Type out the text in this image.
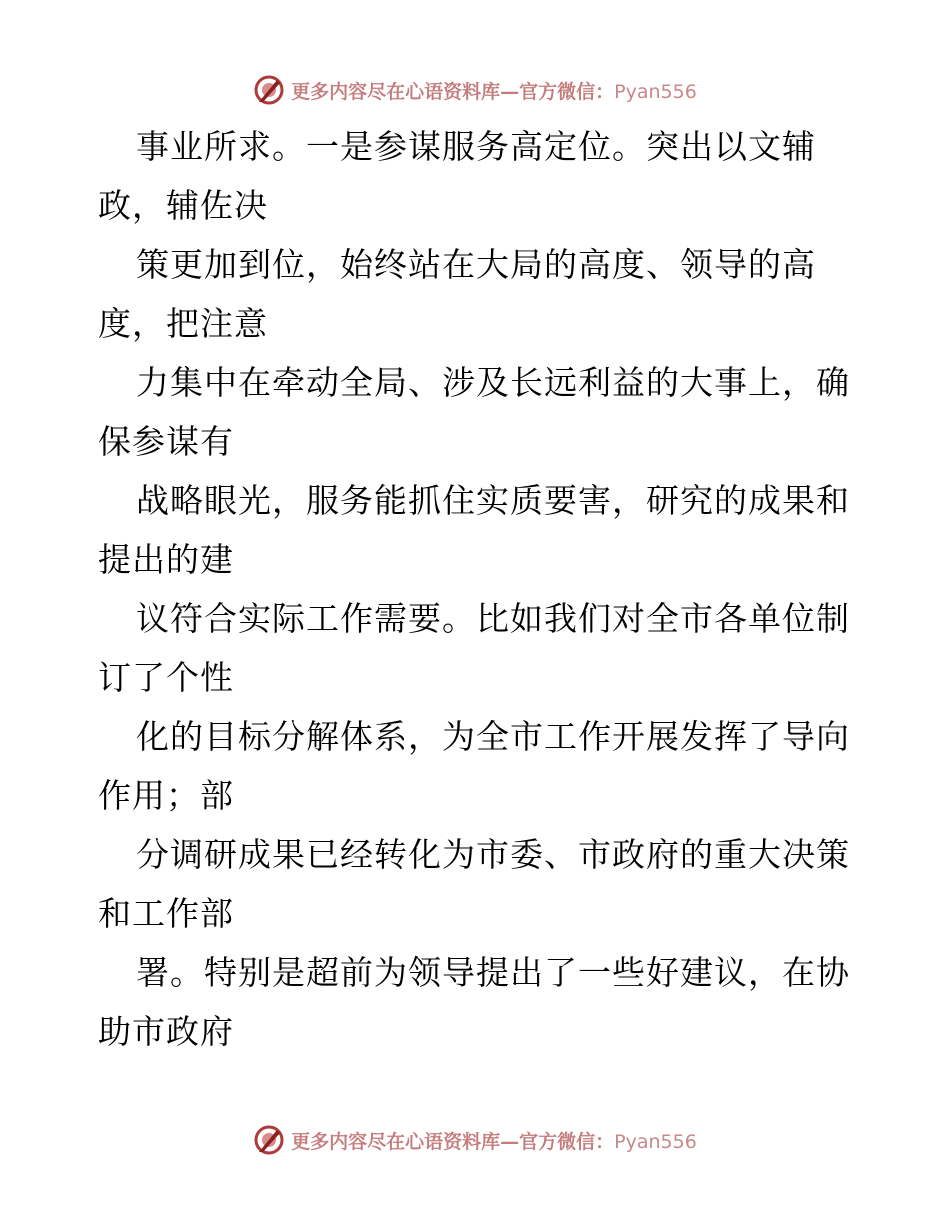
更多内容尽在心语资料库—官方微信：Pyan556
事业所求。一是参谋服务高定位。突出以文辅
政，辅佐决
策更加到位，始终站在大局的高度、领导的高
度，把注意
力集中在牵动全局、涉及长远利益的大事上，确
保参谋有
战略眼光，服务能抓住实质要害，研究的成果和
提出的建
议符合实际工作需要。比如我们对全市各单位制
订了个性
化的目标分解体系，为全市工作开展发挥了导向
作用；部
分调研成果已经转化为市委、市政府的重大决策
和工作部
署。特别是超前为领导提出了一些好建议，在协
助市政府
更多内容尽在心语资料库—官方微信：Pyan556
